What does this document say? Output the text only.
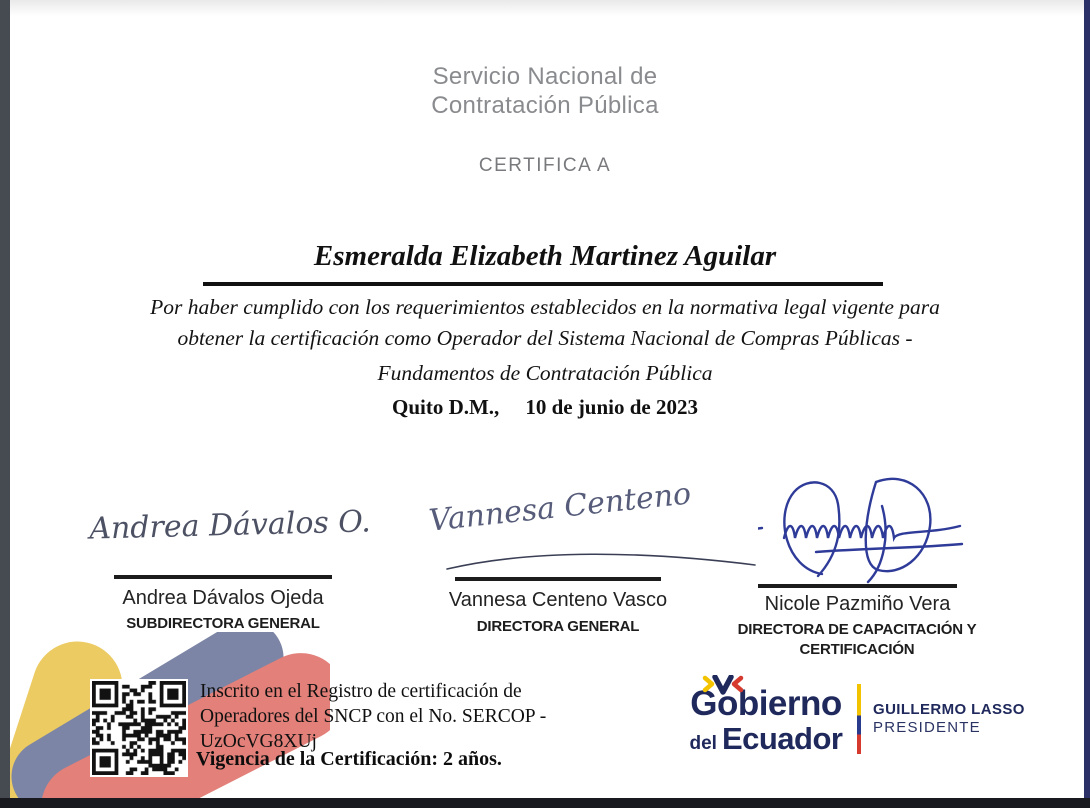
Servicio Nacional de
Contratación Pública
CERTIFICA A
Esmeralda Elizabeth Martinez Aguilar
Por haber cumplido con los requerimientos establecidos en la normativa legal vigente para
obtener la certificación como Operador del Sistema Nacional de Compras Públicas -
Fundamentos de Contratación Pública
Quito D.M., 10 de junio de 2023
Andrea Dávalos O.
Andrea Dávalos Ojeda
SUBDIRECTORA GENERAL
Vannesa Centeno
Vannesa Centeno Vasco
DIRECTORA GENERAL
Nicole Pazmiño Vera
DIRECTORA DE CAPACITACIÓN Y CERTIFICACIÓN
Inscrito en el Registro de certificación de
Operadores del SNCP con el No. SERCOP -
UzOcVG8XUj
Vigencia de la Certificación: 2 años.
Gobierno
del Ecuador
GUILLERMO LASSO
PRESIDENTE
